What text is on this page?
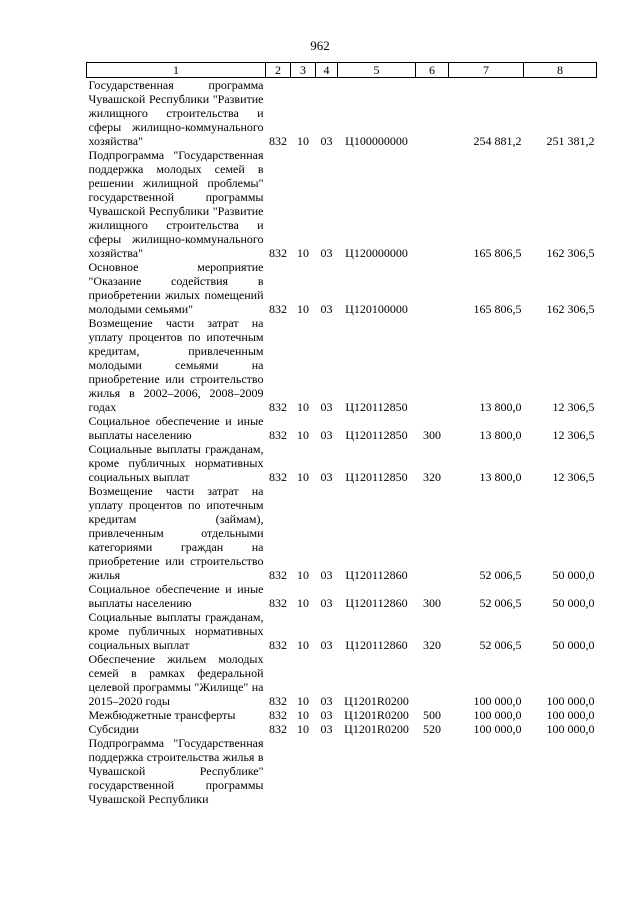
962
1	2	3	4	5	6	7	8
Государственная программа Чувашской Республики "Развитие жилищного строительства и сферы жилищно-коммунального хозяйства"	832	10	03	Ц100000000		254 881,2	251 381,2
Подпрограмма "Государственная поддержка молодых семей в решении жилищной проблемы" государственной программы Чувашской Республики "Развитие жилищного строительства и сферы жилищно-коммунального хозяйства"	832	10	03	Ц120000000		165 806,5	162 306,5
Основное мероприятие "Оказание содействия в приобретении жилых помещений молодыми семьями"	832	10	03	Ц120100000		165 806,5	162 306,5
Возмещение части затрат на уплату процентов по ипотечным кредитам, привлеченным молодыми семьями на приобретение или строительство жилья в 2002–2006, 2008–2009 годах	832	10	03	Ц120112850		13 800,0	12 306,5
Социальное обеспечение и иные выплаты населению	832	10	03	Ц120112850	300	13 800,0	12 306,5
Социальные выплаты гражданам, кроме публичных нормативных социальных выплат	832	10	03	Ц120112850	320	13 800,0	12 306,5
Возмещение части затрат на уплату процентов по ипотечным кредитам (займам), привлеченным отдельными категориями граждан на приобретение или строительство жилья	832	10	03	Ц120112860		52 006,5	50 000,0
Социальное обеспечение и иные выплаты населению	832	10	03	Ц120112860	300	52 006,5	50 000,0
Социальные выплаты гражданам, кроме публичных нормативных социальных выплат	832	10	03	Ц120112860	320	52 006,5	50 000,0
Обеспечение жильем молодых семей в рамках федеральной целевой программы "Жилище" на 2015–2020 годы	832	10	03	Ц1201R0200		100 000,0	100 000,0
Межбюджетные трансферты	832	10	03	Ц1201R0200	500	100 000,0	100 000,0
Субсидии	832	10	03	Ц1201R0200	520	100 000,0	100 000,0
Подпрограмма "Государственная поддержка строительства жилья в Чувашской Республике" государственной программы Чувашской Республики							
